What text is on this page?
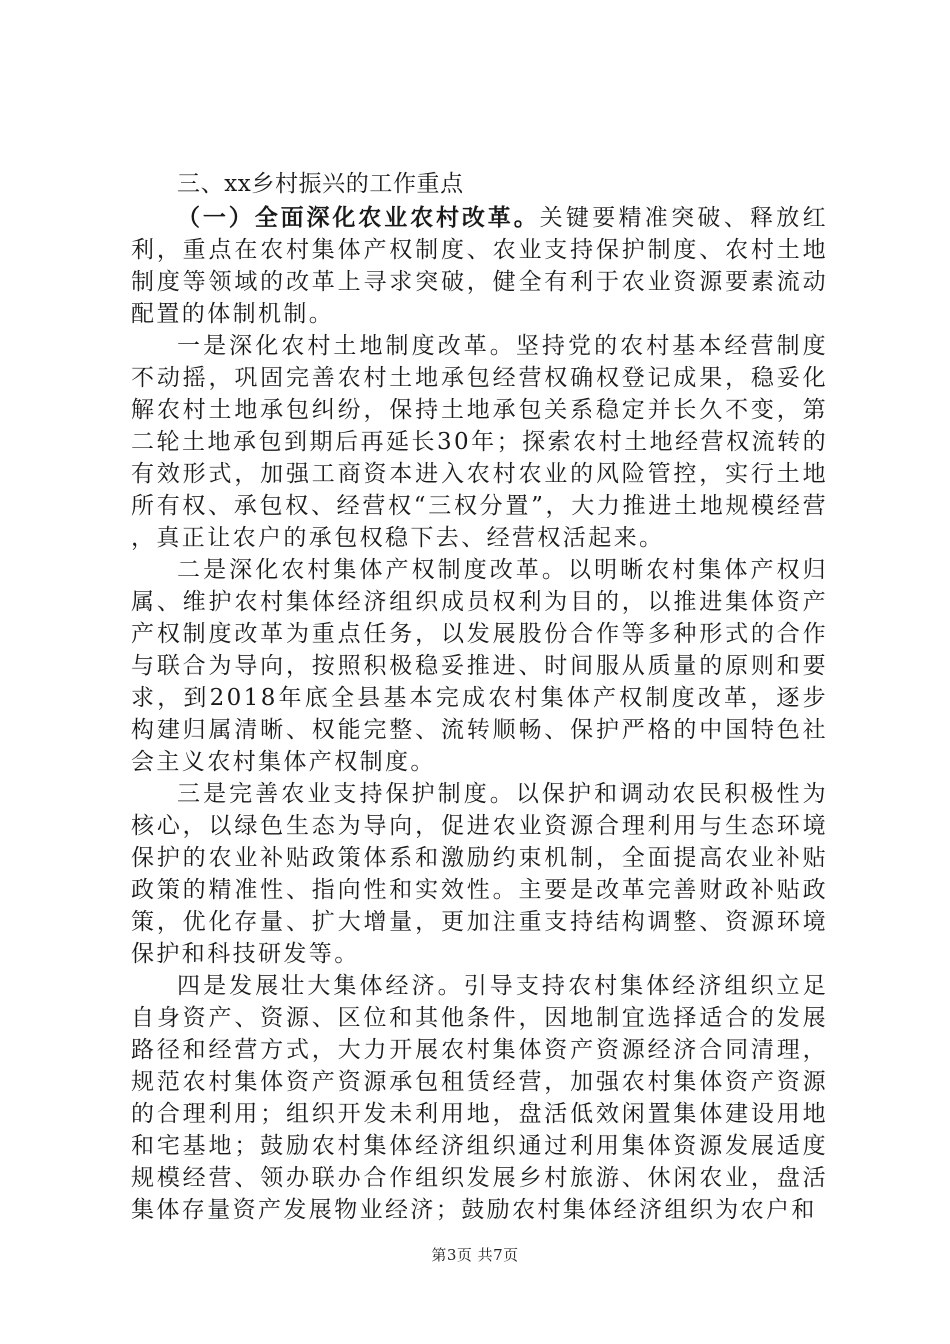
三、xx乡村振兴的工作重点

（一）全面深化农业农村改革。关键要精准突破、释放红利，重点在农村集体产权制度、农业支持保护制度、农村土地制度等领域的改革上寻求突破，健全有利于农业资源要素流动配置的体制机制。

一是深化农村土地制度改革。坚持党的农村基本经营制度不动摇，巩固完善农村土地承包经营权确权登记成果，稳妥化解农村土地承包纠纷，保持土地承包关系稳定并长久不变，第二轮土地承包到期后再延长30年；探索农村土地经营权流转的有效形式，加强工商资本进入农村农业的风险管控，实行土地所有权、承包权、经营权“三权分置”，大力推进土地规模经营，真正让农户的承包权稳下去、经营权活起来。

二是深化农村集体产权制度改革。以明晰农村集体产权归属、维护农村集体经济组织成员权利为目的，以推进集体资产产权制度改革为重点任务，以发展股份合作等多种形式的合作与联合为导向，按照积极稳妥推进、时间服从质量的原则和要求，到2018年底全县基本完成农村集体产权制度改革，逐步构建归属清晰、权能完整、流转顺畅、保护严格的中国特色社会主义农村集体产权制度。

三是完善农业支持保护制度。以保护和调动农民积极性为核心，以绿色生态为导向，促进农业资源合理利用与生态环境保护的农业补贴政策体系和激励约束机制，全面提高农业补贴政策的精准性、指向性和实效性。主要是改革完善财政补贴政策，优化存量、扩大增量，更加注重支持结构调整、资源环境保护和科技研发等。

四是发展壮大集体经济。引导支持农村集体经济组织立足自身资产、资源、区位和其他条件，因地制宜选择适合的发展路径和经营方式，大力开展农村集体资产资源经济合同清理，规范农村集体资产资源承包租赁经营，加强农村集体资产资源的合理利用；组织开发未利用地，盘活低效闲置集体建设用地和宅基地；鼓励农村集体经济组织通过利用集体资源发展适度规模经营、领办联办合作组织发展乡村旅游、休闲农业，盘活集体存量资产发展物业经济；鼓励农村集体经济组织为农户和

第3页 共7页
